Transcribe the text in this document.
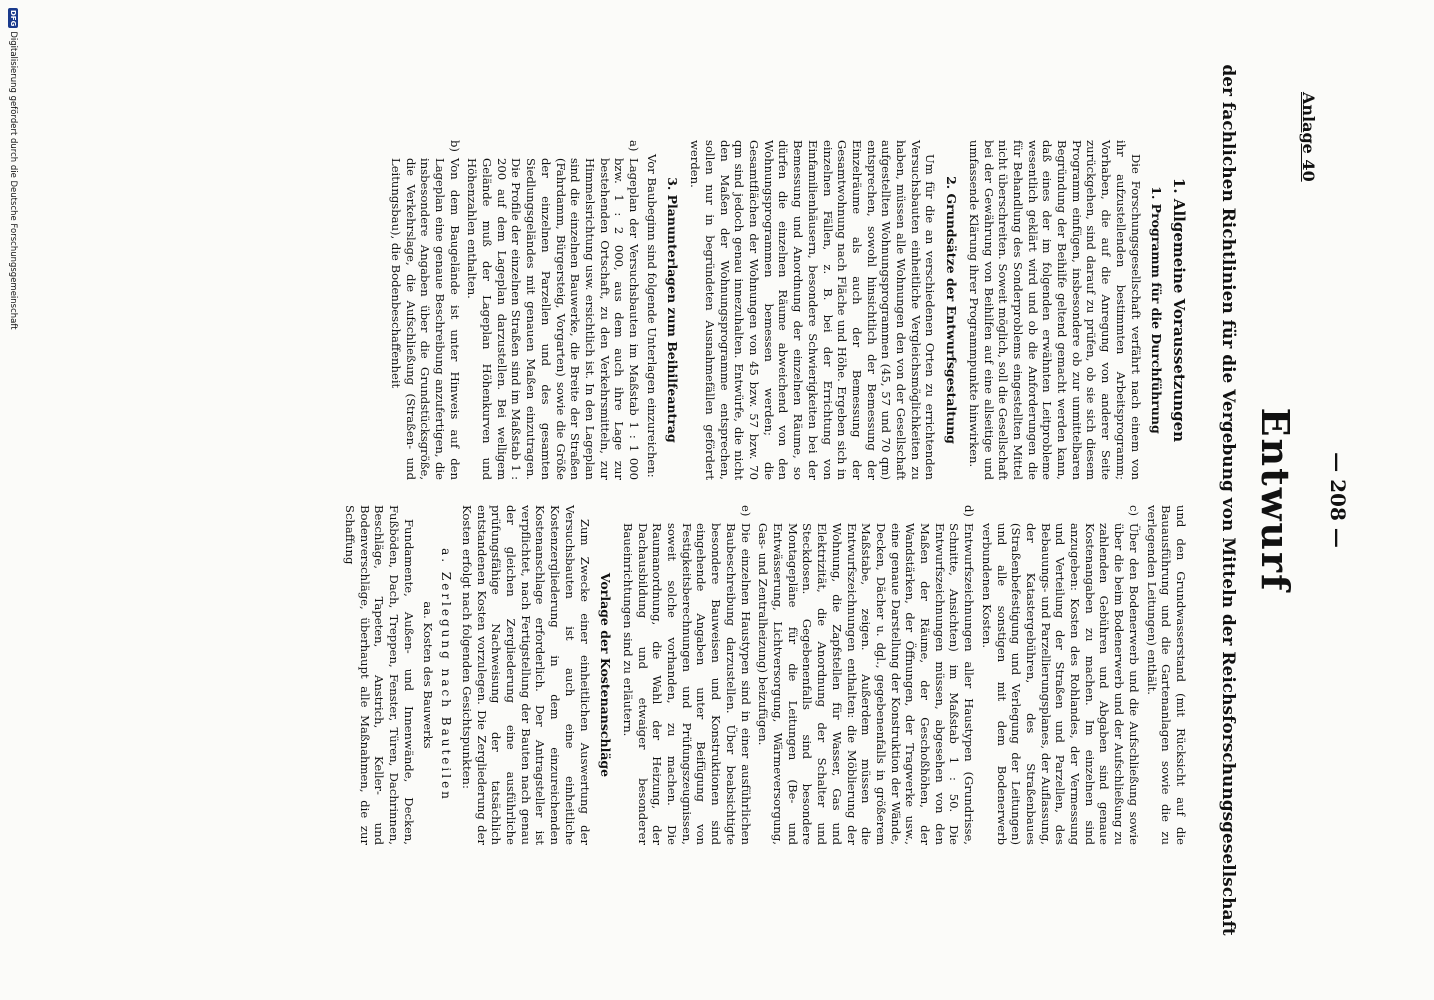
— 208 —
Anlage 40
Entwurf
der fachlichen Richtlinien für die Vergebung von Mitteln der Reichsforschungsgesellschaft
1. Allgemeine Voraussetzungen
1. Programm für die Durchführung

Die Forschungsgesellschaft verfährt nach einem von ihr aufzustellenden bestimmten Arbeitsprogramm; Vorhaben, die auf die Anregung von anderer Seite zurückgehen, sind darauf zu prüfen, ob sie sich diesem Programm einfügen, insbesondere ob zur unmittelbaren Begründung der Beihilfe geltend gemacht werden kann, daß eines der im folgenden erwähnten Leitprobleme wesentlich geklärt wird und ob die Anforderungen die für Behandlung des Sonderproblems eingestellten Mittel nicht überschreiten. Soweit möglich, soll die Gesellschaft bei der Gewährung von Beihilfen auf eine allseitige und umfassende Klärung ihrer Programmpunkte hinwirken.

2. Grundsätze der Entwurfsgestaltung

Um für die an verschiedenen Orten zu errichtenden Versuchsbauten einheitliche Vergleichsmöglichkeiten zu haben, müssen alle Wohnungen den von der Gesellschaft aufgestellten Wohnungsprogrammen (45, 57 und 70 qm) entsprechen, sowohl hinsichtlich der Bemessung der Einzelräume als auch der Bemessung der Gesamtwohnung nach Fläche und Höhe. Ergeben sich in einzelnen Fällen, z. B. bei der Errichtung von Einfamilienhäusern, besondere Schwierigkeiten bei der Bemessung und Anordnung der einzelnen Räume, so dürfen die einzelnen Räume abweichend von den Wohnungsprogrammen bemessen werden; die Gesamtflächen der Wohnungen von 45 bzw. 57 bzw. 70 qm sind jedoch genau innezuhalten. Entwürfe, die nicht den Maßen der Wohnungsprogramme entsprechen, sollen nur in begründeten Ausnahmefällen gefördert werden.

3. Planunterlagen zum Beihilfeantrag

Vor Baubeginn sind folgende Unterlagen einzureichen:

a)
Lageplan der Versuchsbauten im Maßstab 1 : 1 000 bzw. 1 : 2 000, aus dem auch ihre Lage zur bestehenden Ortschaft, zu den Verkehrsmitteln, zur Himmelsrichtung usw. ersichtlich ist. In den Lageplan sind die einzelnen Bauwerke, die Breite der Straßen (Fahrdamm, Bürgersteig, Vorgarten) sowie die Größe der einzelnen Parzellen und des gesamten Siedlungsgeländes mit genauen Maßen einzutragen. Die Profile der einzelnen Straßen sind im Maßstab 1 : 200 auf dem Lageplan darzustellen. Bei welligem Gelände muß der Lageplan Höhenkurven und Höhenzahlen enthalten.
b)
Von dem Baugelände ist unter Hinweis auf den Lageplan eine genaue Beschreibung anzufertigen, die insbesondere Angaben über die Grundstücksgröße, die Verkehrslage, die Aufschließung (Straßen- und Leitungsbau), die Bodenbeschaffenheit

und den Grundwasserstand (mit Rücksicht auf die Bauausführung und die Gartenanlagen sowie die zu verlegenden Leitungen) enthält.

c)
Über den Bodenerwerb und die Aufschließung sowie über die beim Bodenerwerb und der Aufschließung zu zahlenden Gebühren und Abgaben sind genaue Kostenangaben zu machen. Im einzelnen sind anzugeben: Kosten des Rohlandes, der Vermessung und Verteilung der Straßen und Parzellen, des Bebauungs- und Parzellierungsplanes, der Auflassung, der Katastergebühren, des Straßenbaues (Straßenbefestigung und Verlegung der Leitungen) und alle sonstigen mit dem Bodenerwerb verbundenen Kosten.
d)
Entwurfszeichnungen aller Haustypen (Grundrisse, Schnitte, Ansichten) im Maßstab 1 : 50. Die Entwurfszeichnungen müssen, abgesehen von den Maßen der Räume, der Geschoßhöhen, der Wandstärken, der Öffnungen, der Tragwerke usw., eine genaue Darstellung der Konstruktion der Wände, Decken, Dächer u. dgl., gegebenenfalls in größerem Maßstabe, zeigen. Außerdem müssen die Entwurfszeichnungen enthalten: die Möblierung der Wohnung, die Zapfstellen für Wasser, Gas und Elektrizität, die Anordnung der Schalter und Steckdosen. Gegebenenfalls sind besondere Montagepläne für die Leitungen (Be- und Entwässerung, Lichtversorgung, Wärmeversorgung, Gas- und Zentralheizung) beizufügen.
e)
Die einzelnen Haustypen sind in einer ausführlichen Baubeschreibung darzustellen. Über beabsichtigte besondere Bauweisen und Konstruktionen sind eingehende Angaben unter Beifügung von Festigkeitsberechnungen und Prüfungszeugnissen, soweit solche vorhanden, zu machen. Die Raumanordnung, die Wahl der Heizung, der Dachausbildung und etwaiger besonderer Baueinrichtungen sind zu erläutern.
Vorlage der Kostenanschläge

Zum Zwecke einer einheitlichen Auswertung der Versuchsbauten ist auch eine einheitliche Kostenzergliederung in dem einzureichenden Kostenanschlage erforderlich. Der Antragsteller ist verpflichtet, nach Fertigstellung der Bauten nach genau der gleichen Zergliederung eine ausführliche prüfungsfähige Nachweisung der tatsächlich entstandenen Kosten vorzulegen. Die Zergliederung der Kosten erfolgt nach folgenden Gesichtspunkten:

a. Zerlegung nach Bauteilen
aa. Kosten des Bauwerks

Fundamente, Außen- und Innenwände, Decken, Fußböden, Dach, Treppen, Fenster, Türen, Dachrinnen, Beschläge, Tapeten, Anstrich, Keller- und Bodenverschläge, überhaupt alle Maßnahmen, die zur Schaffung

DFG
Digitalisierung gefördert durch die Deutsche Forschungsgemeinschaft
